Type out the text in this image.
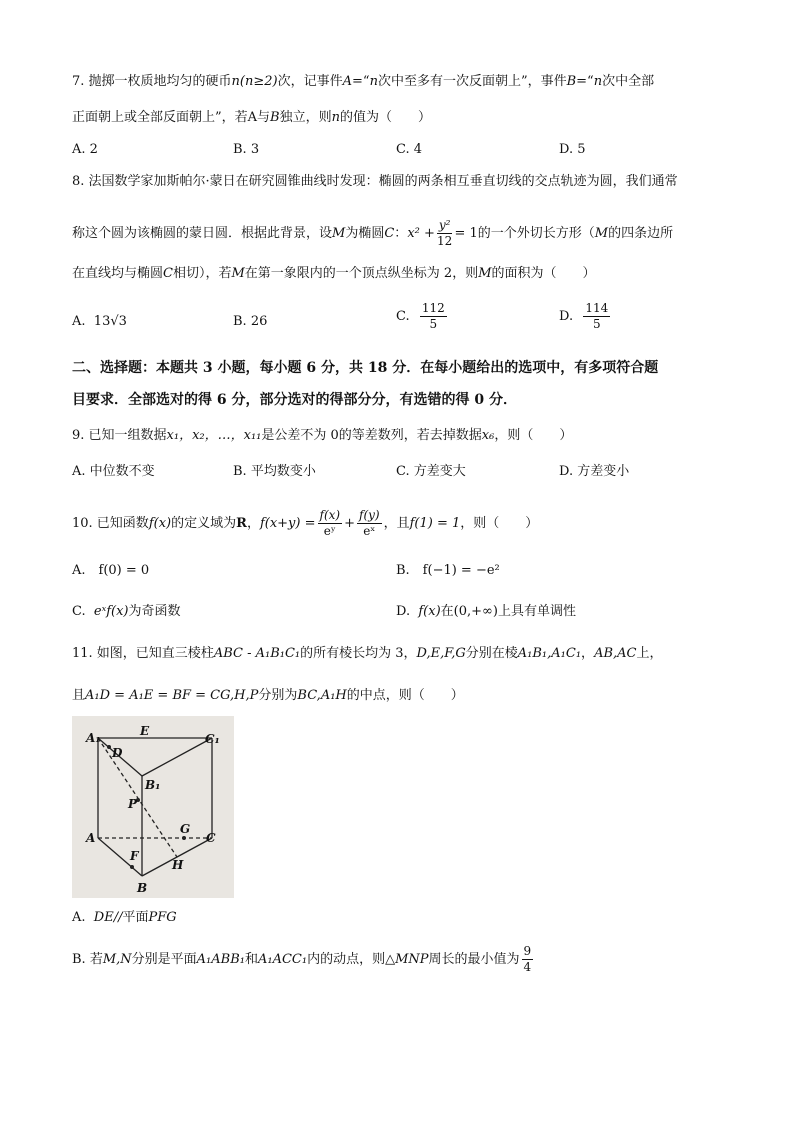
7. 抛掷一枚质地均匀的硬币n(n≥2)次，记事件A=“n次中至多有一次反面朝上”，事件B=“n次中全部
正面朝上或全部反面朝上”，若A与B独立，则n的值为（　　）
A. 2	B. 3	C. 4	D. 5
8. 法国数学家加斯帕尔·蒙日在研究圆锥曲线时发现：椭圆的两条相互垂直切线的交点轨迹为圆，我们通常
称这个圆为该椭圆的蒙日圆．根据此背景，设M为椭圆C：$x^2 + \frac{\text{y²}}{12} = 1$的一个外切长方形（M的四条边所
在直线均与椭圆C相切），若M在第一象限内的一个顶点纵坐标为 2，则M的面积为（　　）
A. 13√3	B. 26	C. $\frac{112}{5}$	D. $\frac{114}{5}$
二、选择题：本题共 3 小题，每小题 6 分，共 18 分．在每小题给出的选项中，有多项符合题
目要求．全部选对的得 6 分，部分选对的得部分分，有选错的得 0 分．
9. 已知一组数据x₁，x₂，…，x₁₁是公差不为 0的等差数列，若去掉数据x₆，则（　　）
A. 中位数不变	B. 平均数变小	C. 方差变大	D. 方差变小
10. 已知函数f(x)的定义域为R，$f(x+y) = \frac{f(x)}{\text{eʸ}} + \frac{f(y)}{\text{eˣ}}$ ，且f(1) = 1，则（　　）
A.　f(0) = 0	B.　f(−1) = −e²
C. eˣf(x)为奇函数	D. f(x)在(0,+∞)上具有单调性
11. 如图，已知直三棱柱ABC - A₁B₁C₁的所有棱长均为 3，D,E,F,G分别在棱A₁B₁,A₁C₁，AB,AC上，
且A₁D = A₁E = BF = CG,H,P分别为BC,A₁H的中点，则（　　）
A₁
D
E
C₁
B₁
P
A
G
C
F
H
B
A. DE//平面PFG
B. 若M,N分别是平面A₁ABB₁和A₁ACC₁内的动点，则△MNP周长的最小值为 $\frac{9}{4}$
